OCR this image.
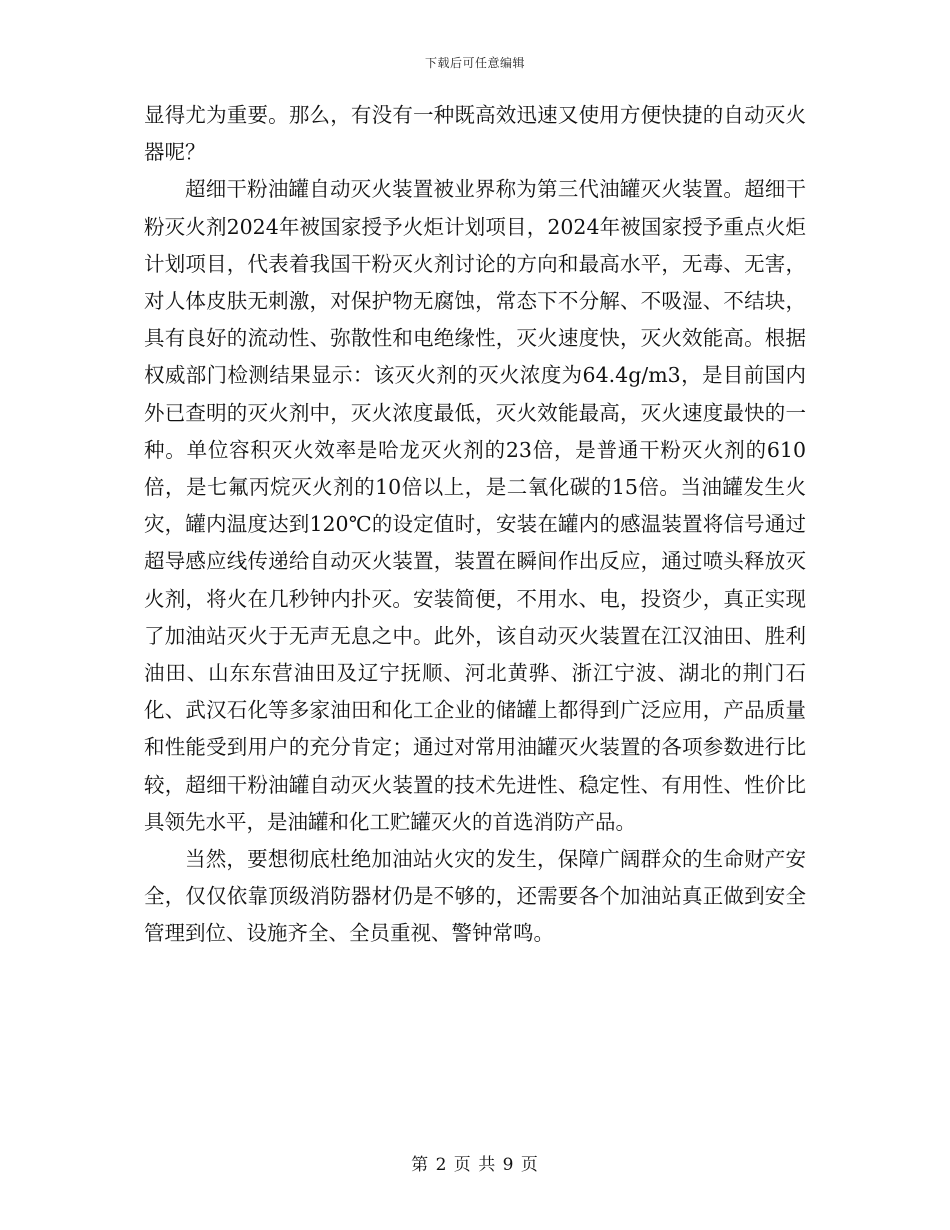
下载后可任意编辑

显得尤为重要。那么，有没有一种既高效迅速又使用方便快捷的自动灭火器呢？

超细干粉油罐自动灭火装置被业界称为第三代油罐灭火装置。超细干粉灭火剂2024年被国家授予火炬计划项目，2024年被国家授予重点火炬计划项目，代表着我国干粉灭火剂讨论的方向和最高水平，无毒、无害，对人体皮肤无刺激，对保护物无腐蚀，常态下不分解、不吸湿、不结块，具有良好的流动性、弥散性和电绝缘性，灭火速度快，灭火效能高。根据权威部门检测结果显示：该灭火剂的灭火浓度为64.4g/m3，是目前国内外已查明的灭火剂中，灭火浓度最低，灭火效能最高，灭火速度最快的一种。单位容积灭火效率是哈龙灭火剂的23倍，是普通干粉灭火剂的610倍，是七氟丙烷灭火剂的10倍以上，是二氧化碳的15倍。当油罐发生火灾，罐内温度达到120℃的设定值时，安装在罐内的感温装置将信号通过超导感应线传递给自动灭火装置，装置在瞬间作出反应，通过喷头释放灭火剂，将火在几秒钟内扑灭。安装简便，不用水、电，投资少，真正实现了加油站灭火于无声无息之中。此外，该自动灭火装置在江汉油田、胜利油田、山东东营油田及辽宁抚顺、河北黄骅、浙江宁波、湖北的荆门石化、武汉石化等多家油田和化工企业的储罐上都得到广泛应用，产品质量和性能受到用户的充分肯定；通过对常用油罐灭火装置的各项参数进行比较，超细干粉油罐自动灭火装置的技术先进性、稳定性、有用性、性价比具领先水平，是油罐和化工贮罐灭火的首选消防产品。

当然，要想彻底杜绝加油站火灾的发生，保障广阔群众的生命财产安全，仅仅依靠顶级消防器材仍是不够的，还需要各个加油站真正做到安全管理到位、设施齐全、全员重视、警钟常鸣。

第 2 页 共 9 页
